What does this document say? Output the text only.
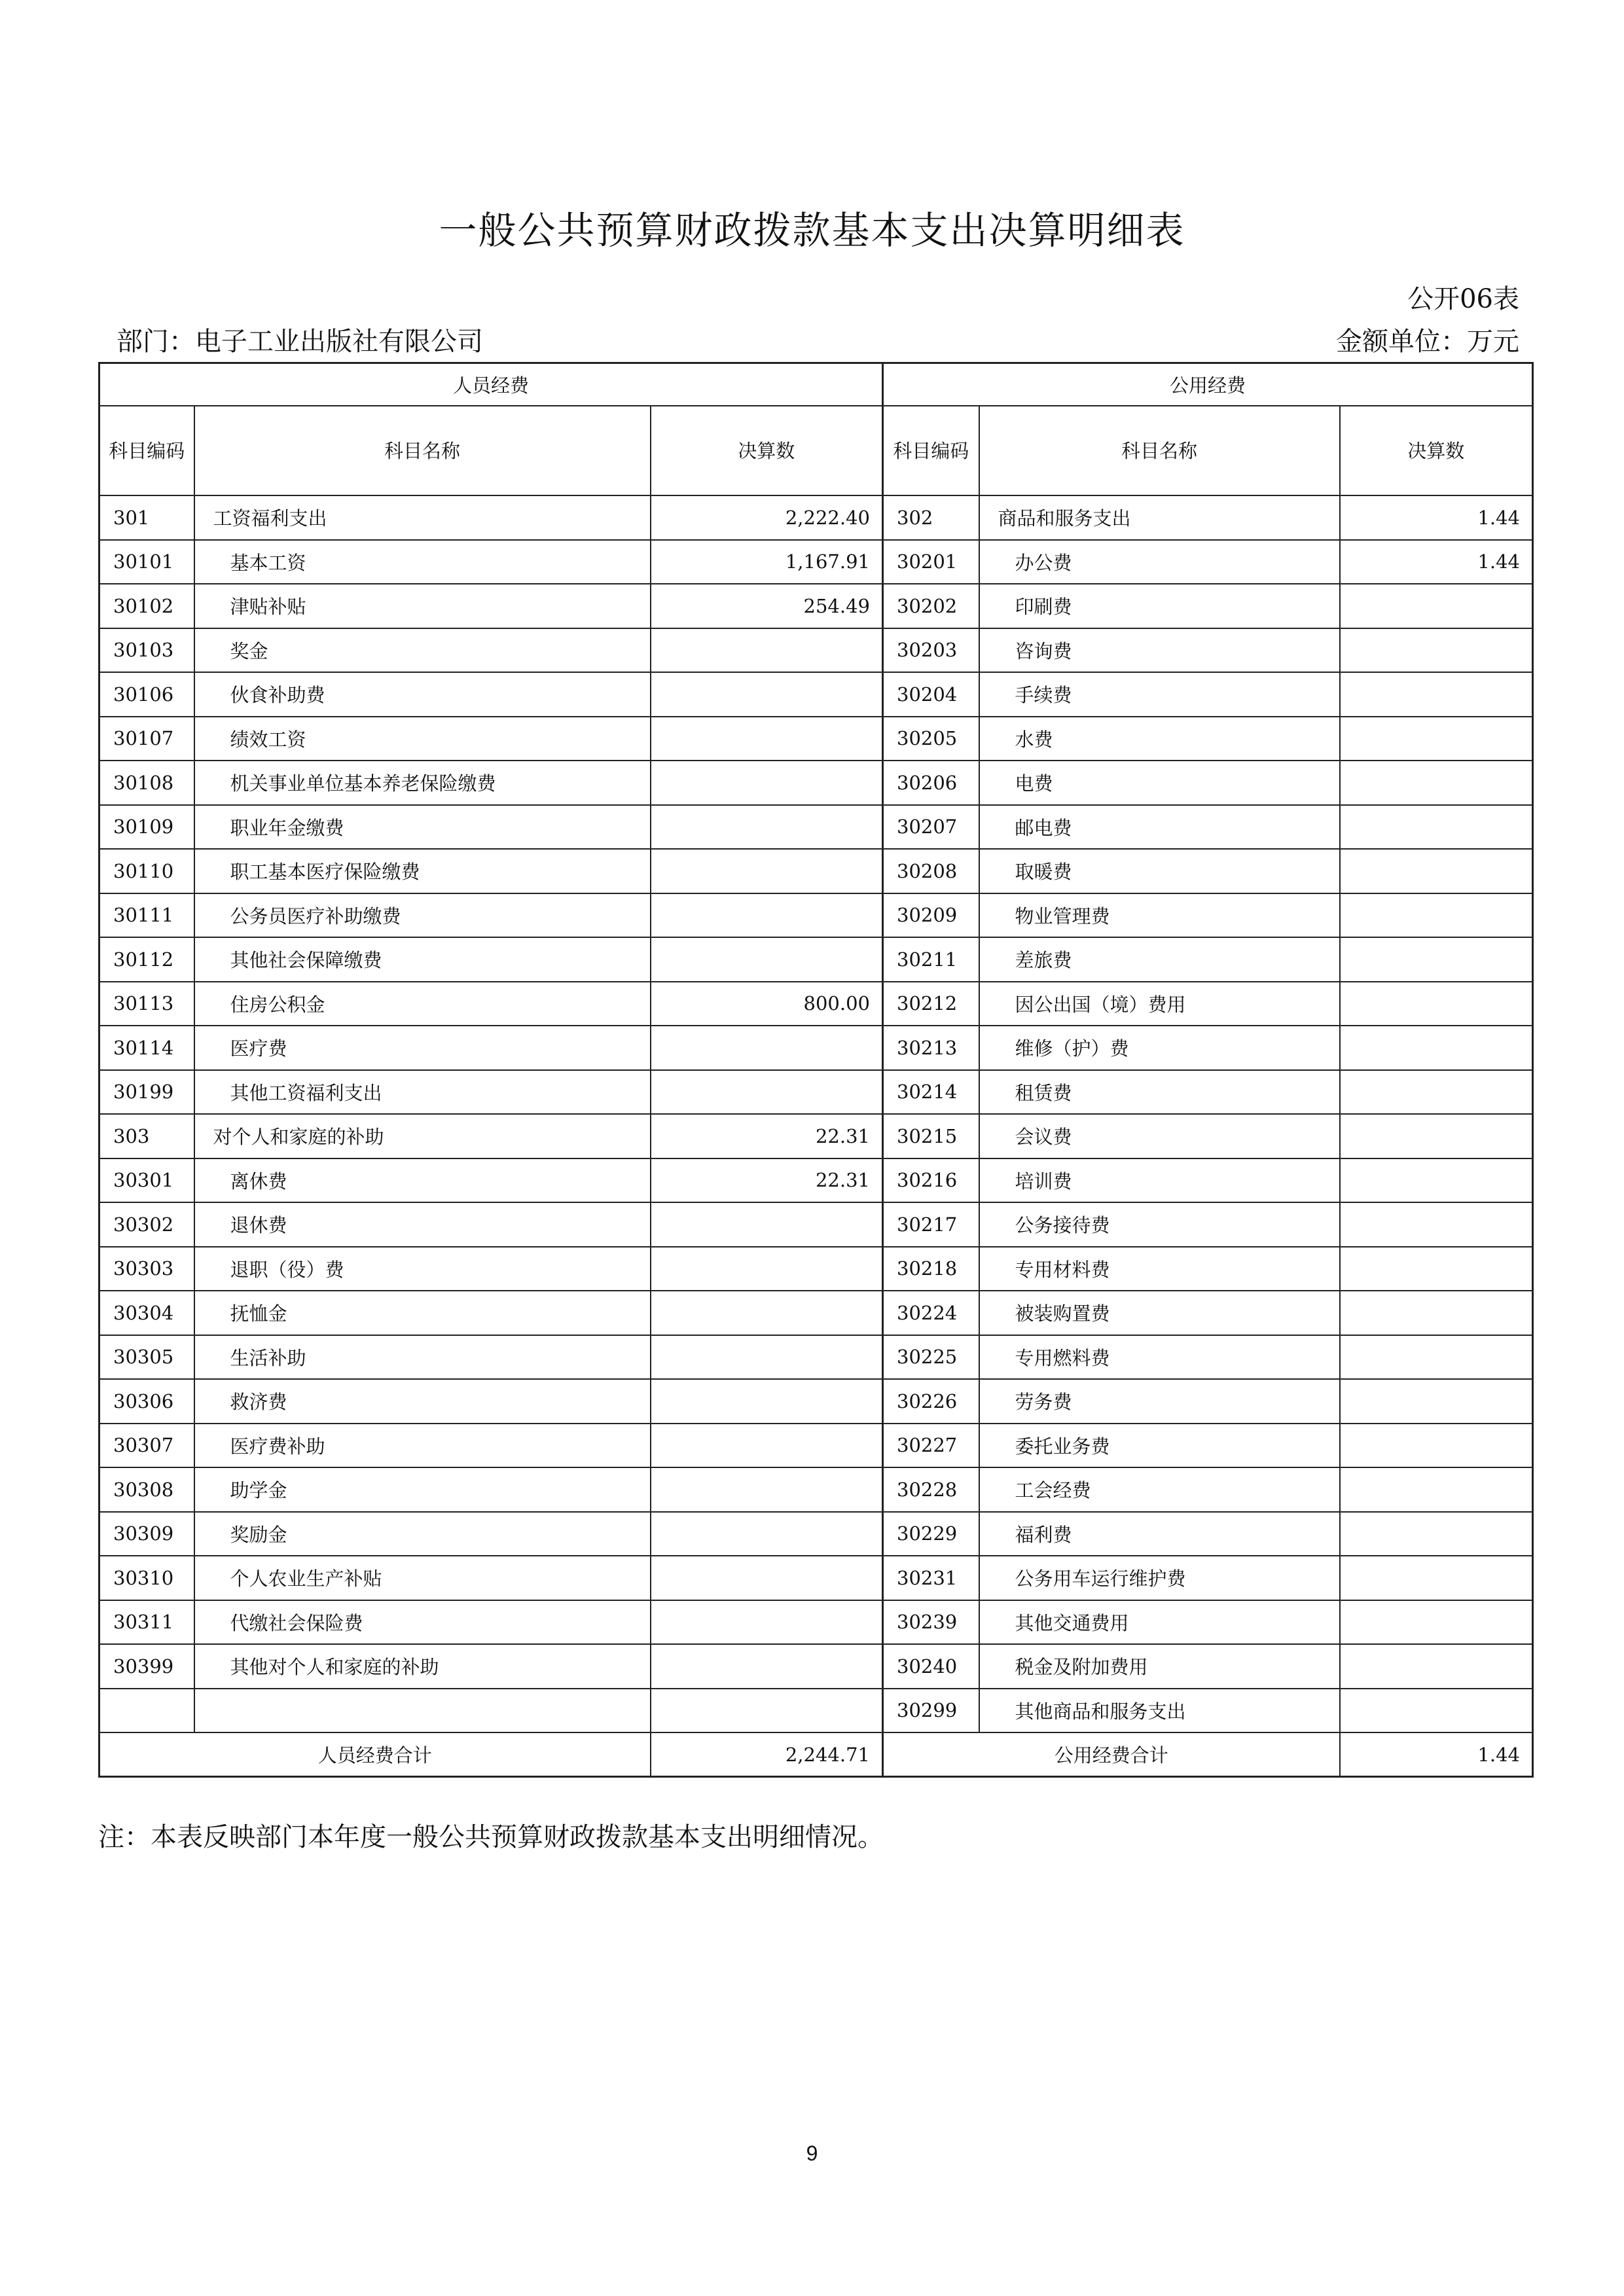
一般公共预算财政拨款基本支出决算明细表
公开06表
部门：电子工业出版社有限公司	金额单位：万元
人员经费			公用经费		
科目编码	科目名称	决算数	科目编码	科目名称	决算数
301	工资福利支出	2,222.40	302	商品和服务支出	1.44
30101	基本工资	1,167.91	30201	办公费	1.44
30102	津贴补贴	254.49	30202	印刷费	
30103	奖金		30203	咨询费	
30106	伙食补助费		30204	手续费	
30107	绩效工资		30205	水费	
30108	机关事业单位基本养老保险缴费		30206	电费	
30109	职业年金缴费		30207	邮电费	
30110	职工基本医疗保险缴费		30208	取暖费	
30111	公务员医疗补助缴费		30209	物业管理费	
30112	其他社会保障缴费		30211	差旅费	
30113	住房公积金	800.00	30212	因公出国（境）费用	
30114	医疗费		30213	维修（护）费	
30199	其他工资福利支出		30214	租赁费	
303	对个人和家庭的补助	22.31	30215	会议费	
30301	离休费	22.31	30216	培训费	
30302	退休费		30217	公务接待费	
30303	退职（役）费		30218	专用材料费	
30304	抚恤金		30224	被装购置费	
30305	生活补助		30225	专用燃料费	
30306	救济费		30226	劳务费	
30307	医疗费补助		30227	委托业务费	
30308	助学金		30228	工会经费	
30309	奖励金		30229	福利费	
30310	个人农业生产补贴		30231	公务用车运行维护费	
30311	代缴社会保险费		30239	其他交通费用	
30399	其他对个人和家庭的补助		30240	税金及附加费用	
			30299	其他商品和服务支出	
人员经费合计		2,244.71	公用经费合计		1.44
注：本表反映部门本年度一般公共预算财政拨款基本支出明细情况。
9
